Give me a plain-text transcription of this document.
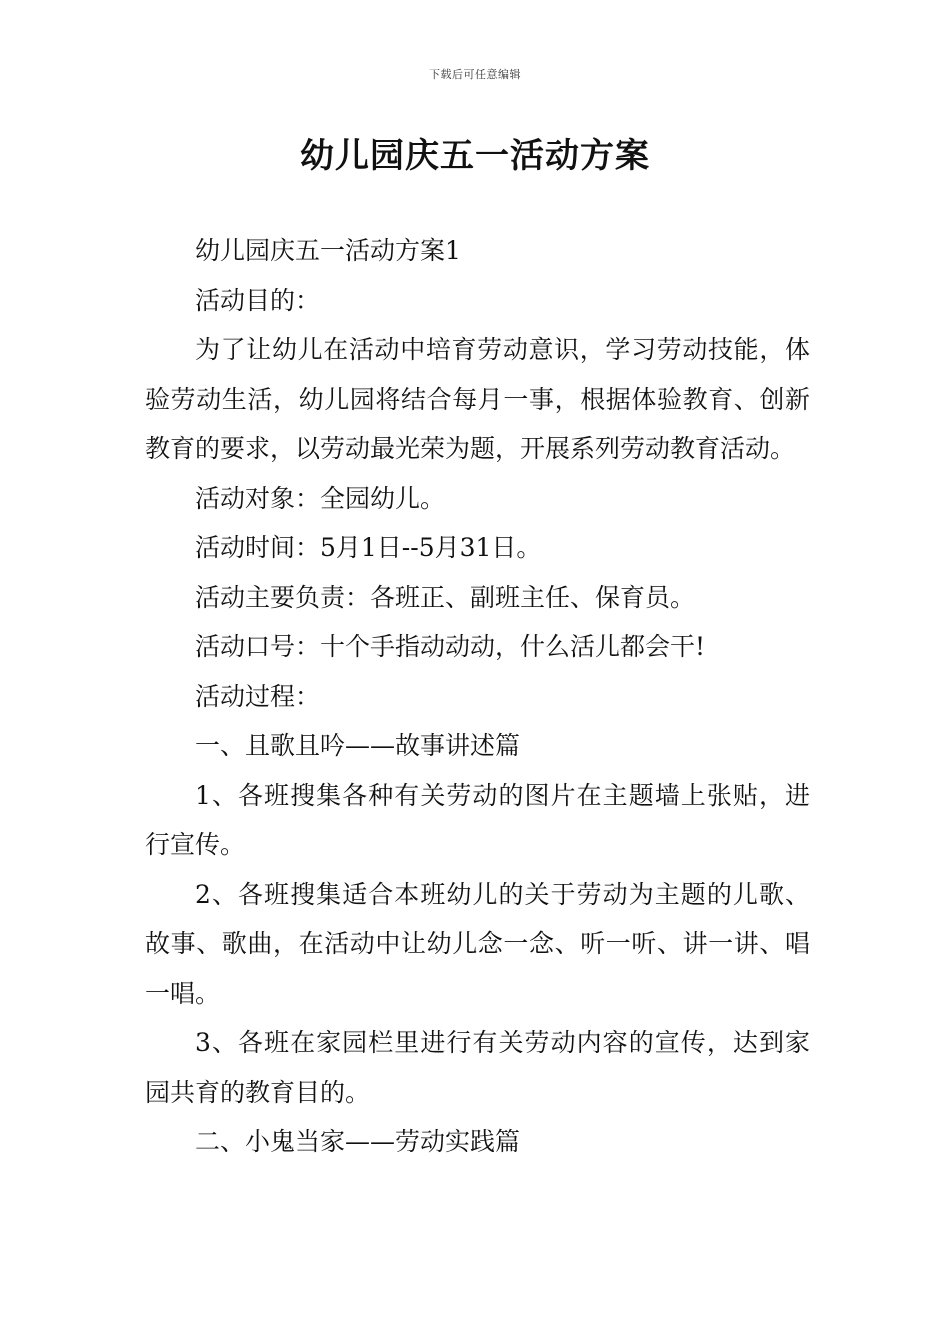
下载后可任意编辑
幼儿园庆五一活动方案

幼儿园庆五一活动方案1

活动目的：

为了让幼儿在活动中培育劳动意识，学习劳动技能，体验劳动生活，幼儿园将结合每月一事，根据体验教育、创新教育的要求，以劳动最光荣为题，开展系列劳动教育活动。

活动对象：全园幼儿。

活动时间：5月1日--5月31日。

活动主要负责：各班正、副班主任、保育员。

活动口号：十个手指动动动，什么活儿都会干!

活动过程：

一、且歌且吟——故事讲述篇

1、各班搜集各种有关劳动的图片在主题墙上张贴，进行宣传。

2、各班搜集适合本班幼儿的关于劳动为主题的儿歌、故事、歌曲，在活动中让幼儿念一念、听一听、讲一讲、唱一唱。

3、各班在家园栏里进行有关劳动内容的宣传，达到家园共育的教育目的。

二、小鬼当家——劳动实践篇
